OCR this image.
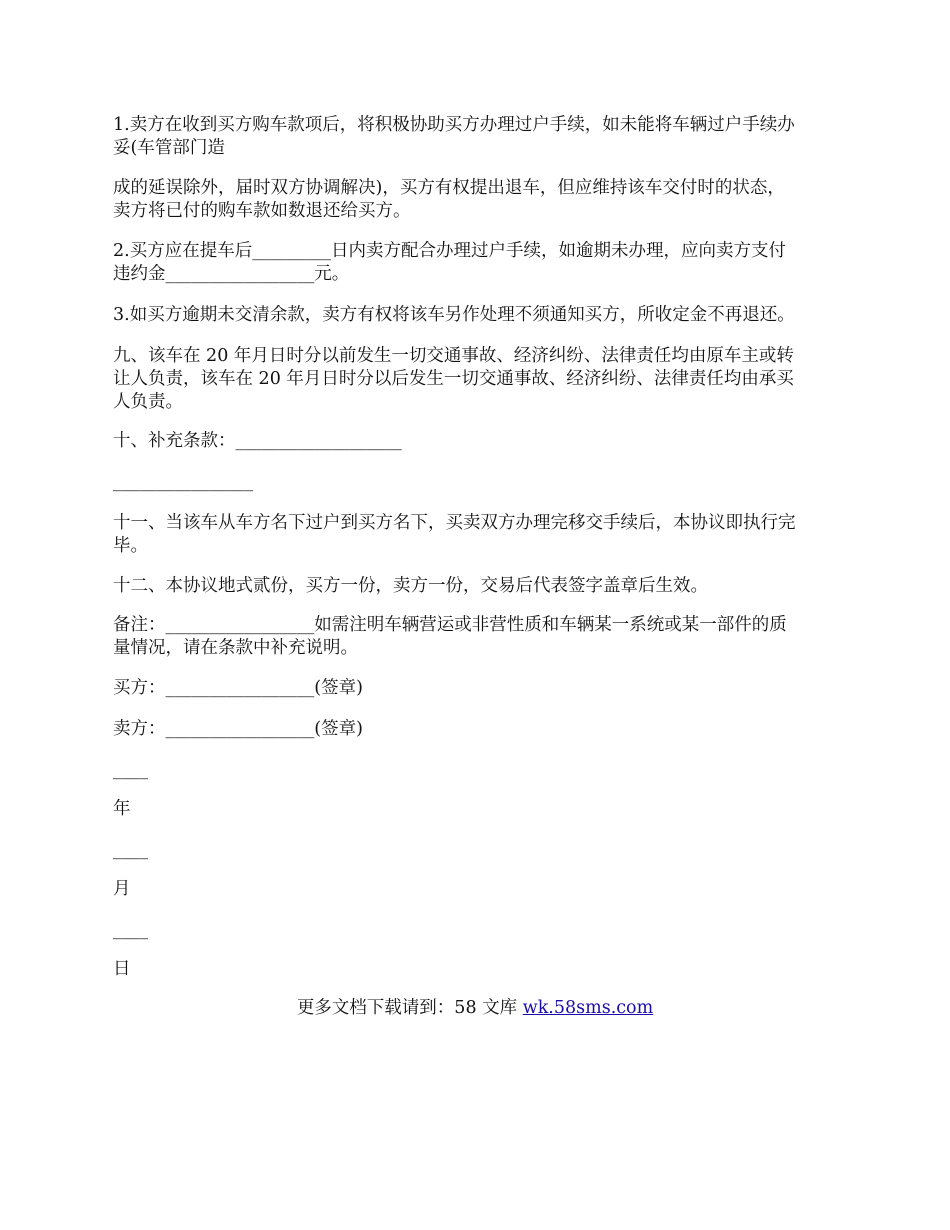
1.卖方在收到买方购车款项后，将积极协助买方办理过户手续，如未能将车辆过户手续办
妥(车管部门造
成的延误除外，届时双方协调解决)，买方有权提出退车，但应维持该车交付时的状态，
卖方将已付的购车款如数退还给买方。
2.买方应在提车后_________日内卖方配合办理过户手续，如逾期未办理，应向卖方支付
违约金_________________元。
3.如买方逾期未交清余款，卖方有权将该车另作处理不须通知买方，所收定金不再退还。
九、该车在 20 年月日时分以前发生一切交通事故、经济纠纷、法律责任均由原车主或转
让人负责，该车在 20 年月日时分以后发生一切交通事故、经济纠纷、法律责任均由承买
人负责。
十、补充条款：___________________
________________
十一、当该车从车方名下过户到买方名下，买卖双方办理完移交手续后，本协议即执行完
毕。
十二、本协议地式贰份，买方一份，卖方一份，交易后代表签字盖章后生效。
备注：_________________如需注明车辆营运或非营性质和车辆某一系统或某一部件的质
量情况，请在条款中补充说明。
买方：_________________(签章)
卖方：_________________(签章)
____
年
____
月
____
日
更多文档下载请到：58 文库 wk.58sms.com
